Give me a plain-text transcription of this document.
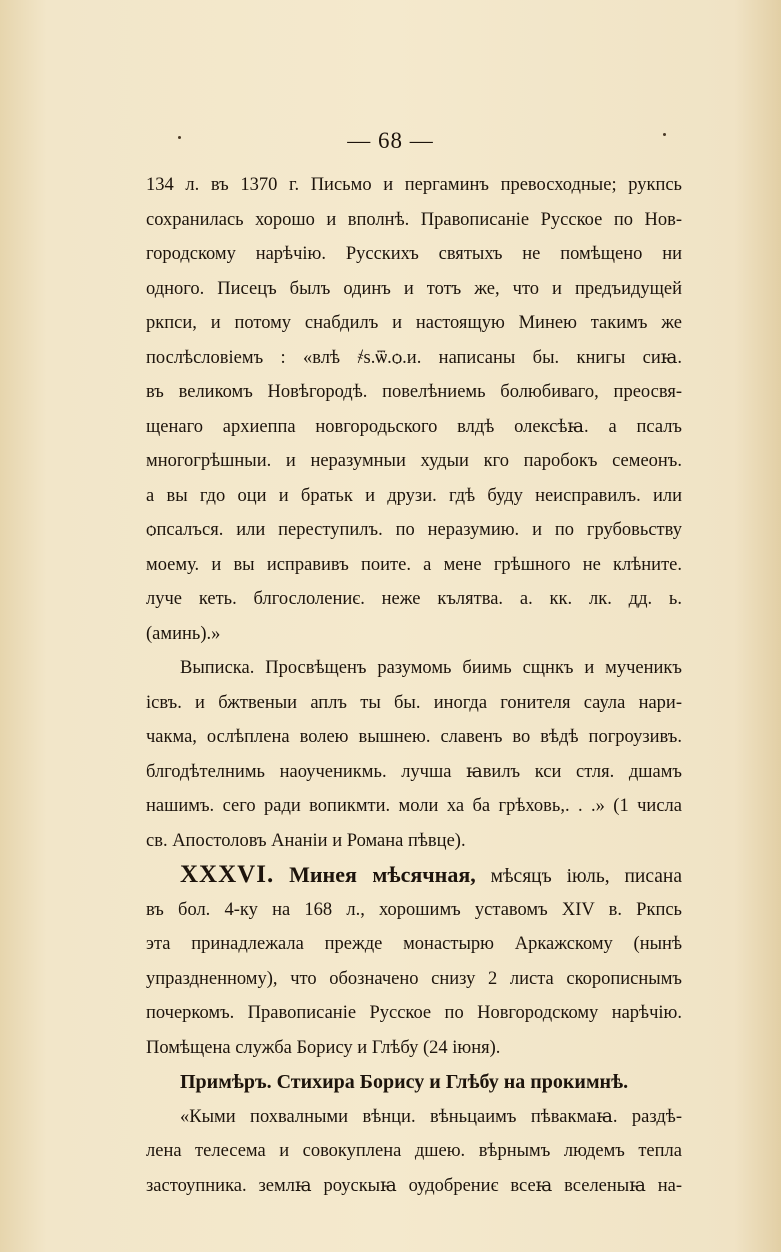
— 68 —
134 л. въ 1370 г. Письмо и пергаминъ превосходные; рукпсь
сохранилась хорошо и вполнѣ. Правописаніе Русское по Нов-
городскому нарѣчію. Русскихъ святыхъ не помѣщено ни
одного. Писецъ былъ одинъ и тотъ же, что и предъидущей
ркпси, и потому снабдилъ и настоящую Минею такимъ же
послѣсловіемъ : «влѣ ҂ѕ.ѿ.ѻ.и. написаны бы. книгы сиꙗ.
въ великомъ Новѣгородѣ. повелѣниемь болюбиваго, преосвя-
щенаго архиеппа новгородьского влдѣ олексѣꙗ. а псалъ
многогрѣшныи. и неразумныи худыи кго паробокъ семеонъ.
а вы гдо оци и братьк и друзи. гдѣ буду неисправилъ. или
ѻпсалъся. или переступилъ. по неразумию. и по грубовьству
моему. и вы исправивъ поите. а мене грѣшного не клѣните.
луче кеть. блгослолениє. неже кълятва. а. кк. лк. дд. ь.
(аминь).»
Выписка. Просвѣщенъ разумомь биимь сщнкъ и мученикъ
ісвъ. и бжтвеныи аплъ ты бы. иногда гонителя саула нари-
чакма, ослѣплена волею вышнею. славенъ во вѣдѣ погроузивъ.
блгодѣтелнимь наоученикмь. лучша ꙗвилъ кси стля. дшамъ
нашимъ. сего ради вопикмти. моли ха ба грѣховь,. . .» (1 числа
св. Апостоловъ Ананіи и Романа пѣвце).
XXXVI. Минея мѣсячная, мѣсяцъ іюль, писана
въ бол. 4-ку на 168 л., хорошимъ уставомъ XIV в. Ркпсь
эта принадлежала прежде монастырю Аркажскому (нынѣ
упраздненному), что обозначено снизу 2 листа скорописнымъ
почеркомъ. Правописаніе Русское по Новгородскому нарѣчію.
Помѣщена служба Борису и Глѣбу (24 іюня).
Примѣръ. Стихира Борису и Глѣбу на прокимнѣ.
«Кыми похвалными вѣнци. вѣньцаимъ пѣвакмаꙗ. раздѣ-
лена телесема и совокуплена дшею. вѣрнымъ людемъ тепла
застоупника. землꙗ роускыꙗ оудобрениє всеꙗ вселеныꙗ на-
